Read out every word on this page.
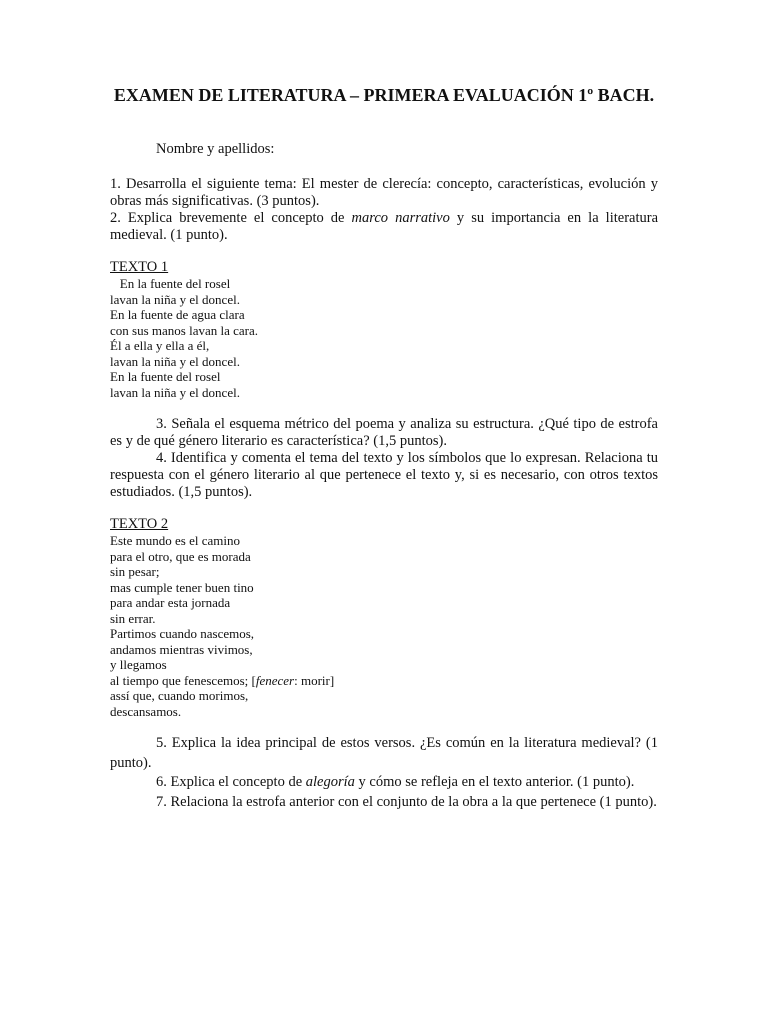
EXAMEN DE LITERATURA – PRIMERA EVALUACIÓN 1º BACH.
Nombre y apellidos:

1. Desarrolla el siguiente tema: El mester de clerecía: concepto, características, evolución y obras más significativas. (3 puntos).

2. Explica brevemente el concepto de marco narrativo y su importancia en la literatura medieval. (1 punto).

TEXTO 1
En la fuente del rosel
lavan la niña y el doncel.
En la fuente de agua clara
con sus manos lavan la cara.
Él a ella y ella a él,
lavan la niña y el doncel.
En la fuente del rosel
lavan la niña y el doncel.

3. Señala el esquema métrico del poema y analiza su estructura. ¿Qué tipo de estrofa es y de qué género literario es característica? (1,5 puntos).

4. Identifica y comenta el tema del texto y los símbolos que lo expresan. Relaciona tu respuesta con el género literario al que pertenece el texto y, si es necesario, con otros textos estudiados. (1,5 puntos).

TEXTO 2
Este mundo es el camino
para el otro, que es morada
sin pesar;
mas cumple tener buen tino
para andar esta jornada
sin errar.
Partimos cuando nascemos,
andamos mientras vivimos,
y llegamos
al tiempo que fenescemos; [fenecer: morir]
assí que, cuando morimos,
descansamos.

5. Explica la idea principal de estos versos. ¿Es común en la literatura medieval? (1 punto).

6. Explica el concepto de alegoría y cómo se refleja en el texto anterior. (1 punto).

7. Relaciona la estrofa anterior con el conjunto de la obra a la que pertenece (1 punto).
